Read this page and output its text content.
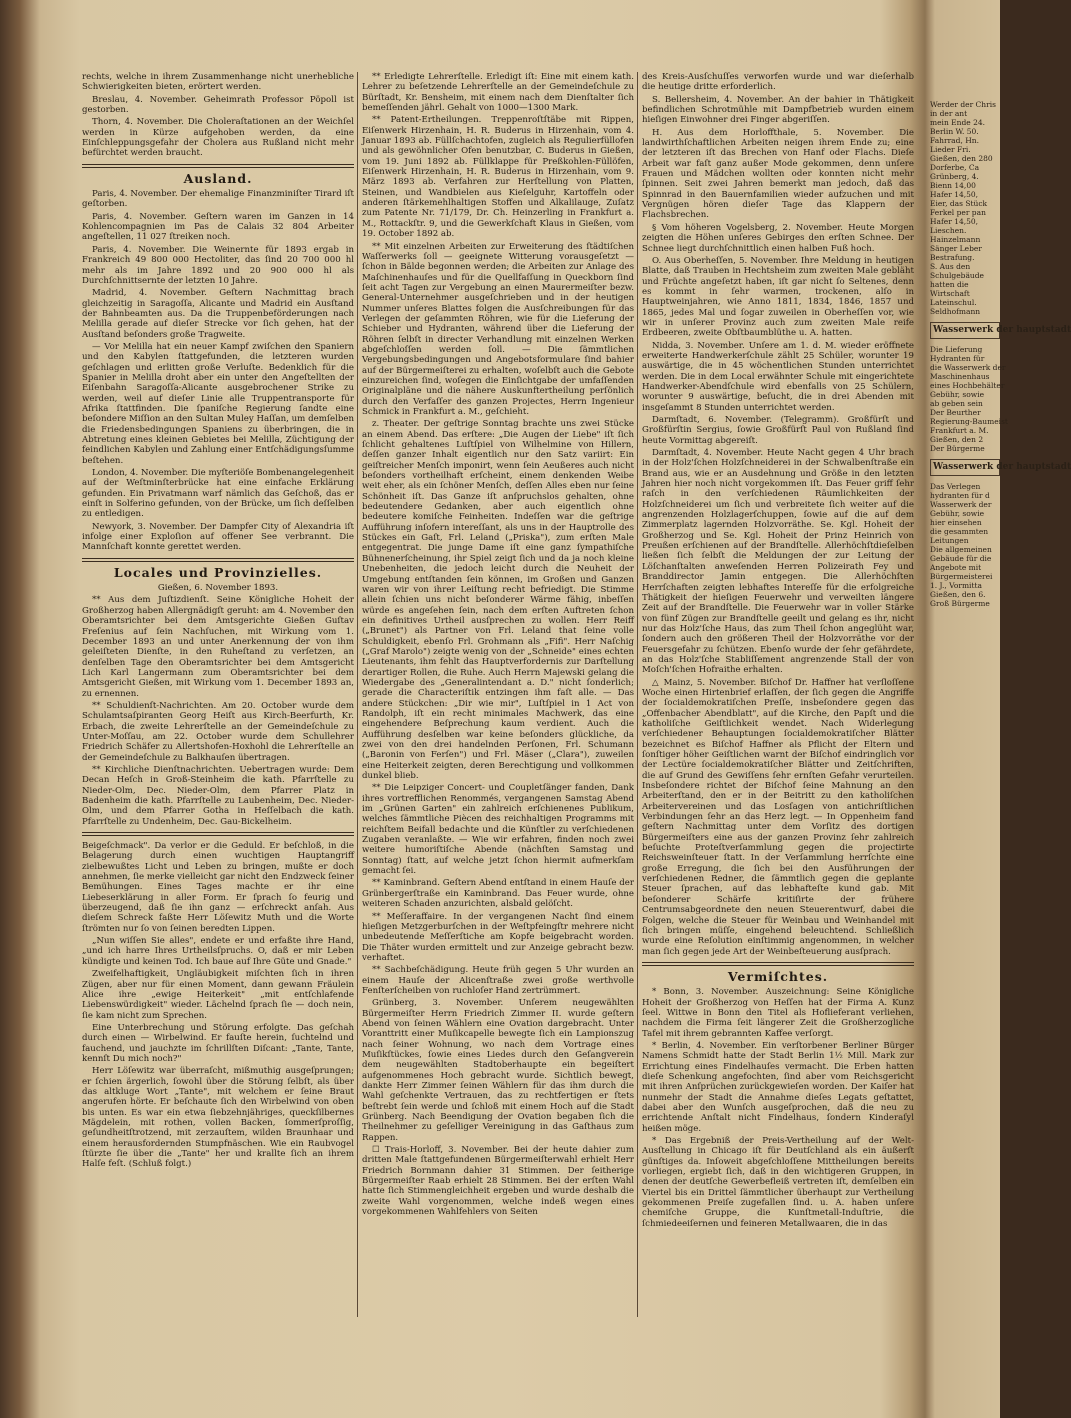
rechts, welche in ihrem Zusammenhange nicht unerhebliche Schwierigkeiten bieten, erörtert werden.

Breslau, 4. November. Geheimrath Professor Pöpoll ist gestorben.

Thorn, 4. November. Die Choleraſtationen an der Weichſel werden in Kürze aufgehoben werden, da eine Einſchleppungsgefahr der Cholera aus Rußland nicht mehr befürchtet werden braucht.

Ausland.

Paris, 4. November. Der ehemalige Finanzminiſter Tirard iſt geſtorben.

Paris, 4. November. Geſtern waren im Ganzen in 14 Kohlencompagnien im Pas de Calais 32 804 Arbeiter angeſtellen, 11 027 ſtreiken noch.

Paris, 4. November. Die Weinernte für 1893 ergab in Frankreich 49 800 000 Hectoliter, das ſind 20 700 000 hl mehr als im Jahre 1892 und 20 900 000 hl als Durchſchnittsernte der letzten 10 Jahre.

Madrid, 4. November. Geſtern Nachmittag brach gleichzeitig in Saragoſſa, Alicante und Madrid ein Ausſtand der Bahnbeamten aus. Da die Truppenbeförderungen nach Melilla gerade auf dieſer Strecke vor ſich gehen, hat der Ausſtand beſonders große Tragweite.

— Vor Melilla hat ein neuer Kampf zwiſchen den Spaniern und den Kabylen ſtattgefunden, die letzteren wurden geſchlagen und erlitten große Verluſte. Bedenklich für die Spanier in Melilla droht aber ein unter den Angeſtellten der Eiſenbahn Saragoſſa-Alicante ausgebrochener Strike zu werden, weil auf dieſer Linie alle Truppentransporte für Afrika ſtattfinden. Die ſpaniſche Regierung ſandte eine beſondere Miſſion an den Sultan Muley Haſſan, um demſelben die Friedensbedingungen Spaniens zu überbringen, die in Abtretung eines kleinen Gebietes bei Melilla, Züchtigung der feindlichen Kabylen und Zahlung einer Entſchädigungsſumme beſtehen.

London, 4. November. Die myſteriöſe Bombenangelegenheit auf der Weſtminſterbrücke hat eine einfache Erklärung gefunden. Ein Privatmann warf nämlich das Geſchoß, das er einſt in Solferino gefunden, von der Brücke, um ſich deſſelben zu entledigen.

Newyork, 3. November. Der Dampfer City of Alexandria iſt infolge einer Exploſion auf offener See verbrannt. Die Mannſchaft konnte gerettet werden.

Locales und Provinzielles.

Gießen, 6. November 1893.

** Aus dem Juſtizdienſt. Seine Königliche Hoheit der Großherzog haben Allergnädigſt geruht: am 4. November den Oberamtsrichter bei dem Amtsgerichte Gießen Guſtav Freſenius auf ſein Nachſuchen, mit Wirkung vom 1. December 1893 an und unter Anerkennung der von ihm geleiſteten Dienſte, in den Ruheſtand zu verſetzen, an denſelben Tage den Oberamtsrichter bei dem Amtsgericht Lich Karl Langermann zum Oberamtsrichter bei dem Amtsgericht Gießen, mit Wirkung vom 1. December 1893 an, zu ernennen.

** Schuldienſt-Nachrichten. Am 20. October wurde dem Schulamtsaſpiranten Georg Heiſt aus Kirch-Beerfurth, Kr. Erbach, die zweite Lehrerſtelle an der Gemeindeſchule zu Unter-Moſſau, am 22. October wurde dem Schullehrer Friedrich Schäfer zu Allertshofen-Hoxhohl die Lehrerſtelle an der Gemeindeſchule zu Balkhauſen übertragen.

** Kirchliche Dienſtnachrichten. Uebertragen wurde: Dem Decan Heſch in Groß-Steinheim die kath. Pfarrſtelle zu Nieder-Olm, Dec. Nieder-Olm, dem Pfarrer Platz in Badenheim die kath. Pfarrſtelle zu Laubenheim, Dec. Nieder-Olm, und dem Pfarrer Gotha in Heſſelbach die kath. Pfarrſtelle zu Undenheim, Dec. Gau-Bickelheim.

Beigeſchmack". Da verlor er die Geduld. Er beſchloß, in die Belagerung durch einen wuchtigen Hauptangriff zielbewußtes Licht und Leben zu bringen, mußte er doch annehmen, ſie merke vielleicht gar nicht den Endzweck ſeiner Bemühungen. Eines Tages machte er ihr eine Liebeserklärung in aller Form. Er ſprach ſo feurig und überzeugend, daß ſie ihn ganz — erſchreckt anſah. Aus dieſem Schreck faßte Herr Löſewitz Muth und die Worte ſtrömten nur ſo von ſeinen beredten Lippen.

„Nun wiſſen Sie alles", endete er und erfaßte ihre Hand, „und ich harre Ihres Urtheilsſpruchs. O, daß er mir Leben kündigte und keinen Tod. Ich baue auf Ihre Güte und Gnade."

Zweifelhaftigkeit, Ungläubigkeit miſchten ſich in ihren Zügen, aber nur für einen Moment, dann gewann Fräulein Alice ihre „ewige Heiterkeit" „mit entſchlafende Liebenswürdigkeit" wieder. Lächelnd ſprach ſie — doch nein, ſie kam nicht zum Sprechen.

Eine Unterbrechung und Störung erfolgte. Das geſchah durch einen — Wirbelwind. Er fauſte herein, ſuchtelnd und fauchend, und jauchzte im ſchrillſten Diſcant: „Tante, Tante, kennſt Du mich noch?"

Herr Löſewitz war überraſcht, mißmuthig ausgeſprungen; er ſchien ärgerlich, ſowohl über die Störung ſelbſt, als über das altkluge Wort „Tante", mit welchem er ſeine Braut angerufen hörte. Er beſchaute ſich den Wirbelwind von oben bis unten. Es war ein etwa ſiebzehnjähriges, queckſilbernes Mägdelein, mit rothen, vollen Backen, ſommerſproſſig, geſundheitſtrotzend, mit zerzauſtem, wilden Braunhaar und einem herausfordernden Stumpfnäschen. Wie ein Raubvogel ſtürzte ſie über die „Tante" her und krallte ſich an ihrem Halſe feſt. (Schluß folgt.)

** Erledigte Lehrerſtelle. Erledigt iſt: Eine mit einem kath. Lehrer zu beſetzende Lehrerſtelle an der Gemeindeſchule zu Bürſtadt, Kr. Bensheim, mit einem nach dem Dienſtalter ſich bemeſſenden jährl. Gehalt von 1000—1300 Mark.

** Patent-Ertheilungen. Treppenroſtſtäbe mit Rippen, Eiſenwerk Hirzenhain, H. R. Buderus in Hirzenhain, vom 4. Januar 1893 ab. Füllſchachtofen, zugleich als Regulierfüllofen und als gewöhnlicher Ofen benutzbar, C. Buderus in Gießen, vom 19. Juni 1892 ab. Füllklappe für Preßkohlen-Füllöfen, Eiſenwerk Hirzenhain, H. R. Buderus in Hirzenhain, vom 9. März 1893 ab. Verfahren zur Herſtellung von Platten, Steinen, und Wandbielen aus Kieſelguhr, Kartoffeln oder anderen ſtärkemehlhaltigen Stoffen und Alkalilauge, Zuſatz zum Patente Nr. 71/179, Dr. Ch. Heinzerling in Frankfurt a. M., Rottackſtr. 9, und die Gewerkſchaft Klaus in Gießen, vom 19. October 1892 ab.

** Mit einzelnen Arbeiten zur Erweiterung des ſtädtiſchen Waſſerwerks ſoll — geeignete Witterung vorausgeſetzt — ſchon in Bälde begonnen werden; die Arbeiten zur Anlage des Maſchinenhauſes und für die Quellfaſſung in Queckborn ſind ſeit acht Tagen zur Vergebung an einen Maurermeiſter bezw. General-Unternehmer ausgeſchrieben und in der heutigen Nummer unſeres Blattes folgen die Ausſchreibungen für das Verlegen der geſammten Röhren, wie für die Lieferung der Schieber und Hydranten, während über die Lieferung der Röhren ſelbſt in directer Verhandlung mit einzelnen Werken abgeſchloſſen werden ſoll. — Die ſämmtlichen Vergebungsbedingungen und Angebotsformulare ſind bahier auf der Bürgermeiſterei zu erhalten, woſelbſt auch die Gebote einzureichen ſind, woſegen die Einſichtgabe der umfaſſenden Originalpläne und die nähere Auskunftertheilung perſönlich durch den Verfaſſer des ganzen Projectes, Herrn Ingenieur Schmick in Frankfurt a. M., geſchieht.

z. Theater. Der geſtrige Sonntag brachte uns zwei Stücke an einem Abend. Das erſtere: „Die Augen der Liebe" iſt ſich ſchlicht gehaltenes Luſtſpiel von Wilhelmine von Hillern, deſſen ganzer Inhalt eigentlich nur den Satz variirt: Ein geiſtreicher Menſch imponirt, wenn ſein Aeußeres auch nicht beſonders vortheilhaft erſcheint, einem denkenden Weibe weit eher, als ein ſchöner Menſch, deſſen Alles eben nur ſeine Schönheit iſt. Das Ganze iſt anſpruchslos gehalten, ohne bedeutendere Gedanken, aber auch eigentlich ohne bedeutere komiſche Feinheiten. Indeſſen war die geſtrige Aufführung inſofern intereſſant, als uns in der Hauptrolle des Stückes ein Gaſt, Frl. Leland („Priska"), zum erſten Male entgegentrat. Die junge Dame iſt eine ganz ſympathiſche Bühnenerſcheinung, ihr Spiel zeigt ſich und da ja noch kleine Unebenheiten, die jedoch leicht durch die Neuheit der Umgebung entſtanden ſein können, im Großen und Ganzen waren wir von ihrer Leiſtung recht befriedigt. Die Stimme allein ſchien uns nicht beſonderer Wärme fähig, inbeſſen würde es angeſehen ſein, nach dem erſten Auftreten ſchon ein definitives Urtheil ausſprechen zu wollen. Herr Reiff („Brunet") als Partner von Frl. Leland that ſeine volle Schuldigkeit, ebenſo Frl. Grohmann als „Fifi". Herr Naſchig („Graf Marolo") zeigte wenig von der „Schneide" eines echten Lieutenants, ihm fehlt das Hauptverfordernis zur Darſtellung derartiger Rollen, die Ruhe. Auch Herrn Majewski gelang die Wiedergabe des „Generalintendant a. D." nicht ſonderlich; gerade die Characteriſtik entzingen ihm faſt alle. — Das andere Stückchen: „Dir wie mir", Luſtſpiel in 1 Act von Randolph, iſt ein recht minimales Machwerk, das eine eingehendere Beſprechung kaum verdient. Auch die Aufführung desſelben war keine beſonders glückliche, da zwei von den drei handelnden Perſonen, Frl. Schumann („Baronin von Ferſen") und Frl. Mäser („Clara"), zuweilen eine Heiterkeit zeigten, deren Berechtigung und vollkommen dunkel blieb.

** Die Leipziger Concert- und Coupletſänger fanden, Dank ihres vortrefflichen Renommés, vergangenen Samstag Abend im „Grünen Garten" ein zahlreich erſchienenes Publikum, welches ſämmtliche Piècen des reichhaltigen Programms mit reichſtem Beifall bedachte und die Künſtler zu verſchiedenen Zugaben veranlaßte. — Wie wir erfahren, finden noch zwei weitere humoriſtiſche Abende (nächſten Samstag und Sonntag) ſtatt, auf welche jetzt ſchon hiermit aufmerkſam gemacht ſei.

** Kaminbrand. Geſtern Abend entſtand in einem Hauſe der Grünbergerſtraße ein Kaminbrand. Das Feuer wurde, ohne weiteren Schaden anzurichten, alsbald gelöſcht.

** Meſſeraffaire. In der vergangenen Nacht ſind einem hieſigen Metzgerburſchen in der Weſtpfeingſtr mehrere nicht unbedeutende Meſſerſtiche am Kopfe beigebracht worden. Die Thäter wurden ermittelt und zur Anzeige gebracht bezw. verhaftet.

** Sachbeſchädigung. Heute früh gegen 5 Uhr wurden an einem Hauſe der Alicenſtraße zwei große werthvolle Fenſterſcheiben von ruchloſer Hand zertrümmert.

Grünberg, 3. November. Unſerem neugewählten Bürgermeiſter Herrn Friedrich Zimmer II. wurde geſtern Abend von ſeinen Wählern eine Ovation dargebracht. Unter Voranttritt einer Muſikcapelle bewegte ſich ein Lampionszug nach ſeiner Wohnung, wo nach dem Vortrage eines Muſikſtückes, ſowie eines Liedes durch den Geſangverein dem neugewählten Stadtoberhaupte ein begeiſtert aufgenommenes Hoch gebracht wurde. Sichtlich bewegt, dankte Herr Zimmer ſeinen Wählern für das ihm durch die Wahl geſchenkte Vertrauen, das zu rechtfertigen er ſtets beſtrebt ſein werde und ſchloß mit einem Hoch auf die Stadt Grünberg. Nach Beendigung der Ovation begaben ſich die Theilnehmer zu geſelliger Vereinigung in das Gaſthaus zum Rappen.

☐ Trais-Horloff, 3. November. Bei der heute dahier zum dritten Male ſtattgefundenen Bürgermeiſterwahl erhielt Herr Friedrich Bornmann dahier 31 Stimmen. Der ſeitherige Bürgermeiſter Raab erhielt 28 Stimmen. Bei der erſten Wahl hatte ſich Stimmengleichheit ergeben und wurde deshalb die zweite Wahl vorgenommen, welche indeß wegen eines vorgekommenen Wahlfehlers von Seiten

des Kreis-Ausſchuſſes verworfen wurde und war dieſerhalb die heutige dritte erforderlich.

S. Bellersheim, 4. November. An der bahier in Thätigkeit befindlichen Schrotmühle mit Dampfbetrieb wurden einem hieſigen Einwohner drei Finger abgeriſſen.

H. Aus dem Horloffthale, 5. November. Die landwirthſchaftlichen Arbeiten neigen ihrem Ende zu; eine der letzteren iſt das Brechen von Hanf oder Flachs. Dieſe Arbeit war faſt ganz außer Mode gekommen, denn unſere Frauen und Mädchen wollten oder konnten nicht mehr ſpinnen. Seit zwei Jahren bemerkt man jedoch, daß das Spinnrad in den Bauernfamilien wieder aufzuchen und mit Vergnügen hören dieſer Tage das Klappern der Flachsbrechen.

§ Vom höheren Vogelsberg, 2. November. Heute Morgen zeigten die Höhen unſeres Gebirges den erſten Schnee. Der Schnee liegt durchſchnittlich einen halben Fuß hoch.

O. Aus Oberheſſen, 5. November. Ihre Meldung in heutigen Blatte, daß Trauben in Hechtsheim zum zweiten Male gebläht und Früchte angeſetzt haben, iſt gar nicht ſo Seltenes, denn es kommt in ſehr warmen, trockenen, alſo in Hauptweinjahren, wie Anno 1811, 1834, 1846, 1857 und 1865, jedes Mal und ſogar zuweilen in Oberheſſen vor, wie wir in unſerer Provinz auch zum zweiten Male reife Erdbeeren, zweite Obſtbaumblüthe u. A. hatten.

Nidda, 3. November. Unſere am 1. d. M. wieder eröffnete erweiterte Handwerkerſchule zählt 25 Schüler, worunter 19 auswärtige, die in 45 wöchentlichen Stunden unterrichtet werden. Die in dem Local erwähnter Schule mit eingerichtete Handwerker-Abendſchule wird ebenfalls von 25 Schülern, worunter 9 auswärtige, beſucht, die in drei Abenden mit insgeſammt 8 Stunden unterrichtet werden.

Darmſtadt, 6. November. (Telegramm). Großfürſt und Großfürſtin Sergius, ſowie Großfürſt Paul von Rußland ſind heute Vormittag abgereiſt.

Darmſtadt, 4. November. Heute Nacht gegen 4 Uhr brach in der Holz'ſchen Holzſchneiderei in der Schwalbenſtraße ein Brand aus, wie er an Ausdehnung und Größe in den letzten Jahren hier noch nicht vorgekommen iſt. Das Feuer griff ſehr raſch in den verſchiedenen Räumlichkeiten der Holzſchneiderei um ſich und verbreitete ſich weiter auf die angrenzenden Holzlagerſchuppen, ſowie auf die auf dem Zimmerplatz lagernden Holzvorräthe. Se. Kgl. Hoheit der Großherzog und Se. Kgl. Hoheit der Prinz Heinrich von Preußen erſchienen auf der Brandſtelle. Allerhöchſtdieſelben ließen ſich ſelbſt die Meldungen der zur Leitung der Löſchanſtalten anweſenden Herren Polizeirath Fey und Branddirector Jamin entgegen. Die Allerhöchſten Herrſchaften zeigten lebhaftes Intereſſe für die erfolgreiche Thätigkeit der hieſigen Feuerwehr und verweilten längere Zeit auf der Brandſtelle. Die Feuerwehr war in voller Stärke von fünf Zügen zur Brandſtelle geeilt und gelang es ihr, nicht nur das Holz'ſche Haus, das zum Theil ſchon angeglüht war, ſondern auch den größeren Theil der Holzvorräthe vor der Feuersgefahr zu ſchützen. Ebenſo wurde der ſehr gefährdete, an das Holz'ſche Stabliſſement angrenzende Stall der von Moſch'ſchen Hofraithe erhalten.

△ Mainz, 5. November. Biſchof Dr. Haffner hat verſloſſene Woche einen Hirtenbrief erlaſſen, der ſich gegen die Angriffe der ſocialdemokratiſchen Preſſe, insbeſondere gegen das „Offenbacher Abendblatt", auf die Kirche, den Papſt und die katholiſche Geiſtlichkeit wendet. Nach Widerlegung verſchiedener Behauptungen ſocialdemokratiſcher Blätter bezeichnet es Biſchof Haffner als Pflicht der Eltern und ſonſtiger höher Geiſtlichen warnt der Biſchof eindringlich vor der Lectüre ſocialdemokratiſcher Blätter und Zeitſchriften, die auf Grund des Gewiſſens ſehr ernſten Gefahr verurteilen. Insbeſondere richtet der Biſchof ſeine Mahnung an den Arbeiterſtand, den er in der Beitritt zu den katholiſchen Arbeitervereinen und das Losſagen von antichriſtlichen Verbindungen ſehr an das Herz legt. — In Oppenheim fand geſtern Nachmittag unter dem Vorſitz des dortigen Bürgermeiſters eine aus der ganzen Provinz ſehr zahlreich beſuchte Proteſtverſammlung gegen die projectirte Reichsweinſteuer ſtatt. In der Verſammlung herrſchte eine große Erregung, die ſich bei den Ausführungen der verſchiedenen Redner, die ſämmtlich gegen die geplante Steuer ſprachen, auf das lebhafteſte kund gab. Mit beſonderer Schärfe kritiſirte der frühere Centrumsabgeordnete den neuen Steuerentwurf, dabei die Folgen, welche die Steuer für Weinbau und Weinhandel mit ſich bringen müſſe, eingehend beleuchtend. Schließlich wurde eine Reſolution einſtimmig angenommen, in welcher man ſich gegen jede Art der Weinbeſteuerung ausſprach.

Vermiſchtes.

* Bonn, 3. November. Auszeichnung: Seine Königliche Hoheit der Großherzog von Heſſen hat der Firma A. Kunz ſeel. Wittwe in Bonn den Titel als Hoflieferant verliehen, nachdem die Firma ſeit längerer Zeit die Großherzogliche Tafel mit ihrem gebrannten Kaffee verſorgt.

* Berlin, 4. November. Ein verſtorbener Berliner Bürger Namens Schmidt hatte der Stadt Berlin 1½ Mill. Mark zur Errichtung eines Findelhauſes vermacht. Die Erben hatten dieſe Schenkung angefochten, ſind aber vom Reichsgericht mit ihren Anſprüchen zurückgewieſen worden. Der Kaiſer hat nunmehr der Stadt die Annahme dieſes Legats geſtattet, dabei aber den Wunſch ausgeſprochen, daß die neu zu errichtende Anſtalt nicht Findelhaus, ſondern Kinderaſyl heißen möge.

* Das Ergebniß der Preis-Vertheilung auf der Welt-Ausſtellung in Chicago iſt für Deutſchland als ein äußerſt günſtiges da. Inſoweit abgeſchloſſene Mittheilungen bereits vorliegen, ergiebt ſich, daß in den wichtigeren Gruppen, in denen der deutſche Gewerbefleiß vertreten iſt, demſelben ein Viertel bis ein Drittel ſämmtlicher überhaupt zur Vertheilung gekommenen Preiſe zugefallen ſind. u. A. haben unſere chemiſche Gruppe, die Kunſtmetall-Induſtrie, die ſchmiedeeiſernen und feineren Metallwaaren, die in das

Werder der Chris
in der ant
mein Ende 24.
Berlin W. 50.
Fahrrad, Hn.
Lieder Fri.
Gießen, den 280
Dorferbe, Ca
Grünberg, 4.
Bienn 14,00
Hafer 14,50,
Eier, das Stück
Ferkel per pan
Hafer 14,50,
Lieschen.
Hainzelmann
Sänger Leber
Bestrafung.
S. Aus den
Schulgebäude
hatten die
Wirtschaft
Lateinschul.
Seldhofmann
Wasserwerk der hauptstadt
Die Lieferung
Hydranten für
die Wasserwerk der
Maschinenhaus
eines Hochbehälter
Gebühr, sowie
ab geben sein
Der Beurther
Regierung-Baumeist
Frankfurt a. M.
Gießen, den 2
Der Bürgerme
Wasserwerk der hauptstadt
Das Verlegen
hydranten für d
Wasserwerk der
Gebühr, sowie
hier einsehen
die gesammten
Leitungen
Die allgemeinen
Gebäude für die
Angebote mit
Bürgermeisterei
1. J., Vormitta
Gießen, den 6.
Groß Bürgerme
